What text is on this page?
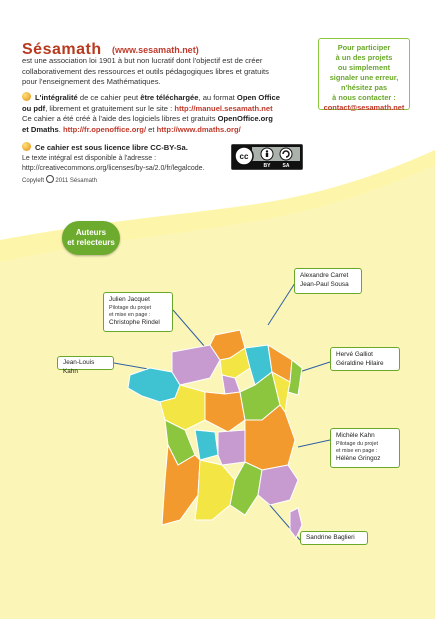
Sésamath (www.sesamath.net)
est une association loi 1901 à but non lucratif dont l'objectif est de créer
collaborativement des ressources et outils pédagogiques libres et gratuits
pour l'enseignement des Mathématiques.
L'intégralité de ce cahier peut être téléchargée, au format Open Office
ou pdf, librement et gratuitement sur le site : http://manuel.sesamath.net
Ce cahier a été créé à l'aide des logiciels libres et gratuits OpenOffice.org
et Dmaths. http://fr.openoffice.org/ et http://www.dmaths.org/
Ce cahier est sous licence libre CC-BY-Sa.
Le texte intégral est disponible à l'adresse :
http://creativecommons.org/licenses/by-sa/2.0/fr/legalcode.
Copyleft 2011 Sésamath
cc
BY SA
Pour participer
à un des projets
ou simplement
signaler une erreur,
n'hésitez pas
à nous contacter :
contact@sesamath.net
Auteurs
et relecteurs
Alexandre Carret
Jean-Paul Sousa
Julien Jacquet
Pilotage du projet
et mise en page :
Christophe Rindel
Jean-Louis Kahn
Hervé Galliot
Géraldine Hilaire
Michèle Kahn
Pilotage du projet
et mise en page :
Hélène Gringoz
Sandrine Baglieri
